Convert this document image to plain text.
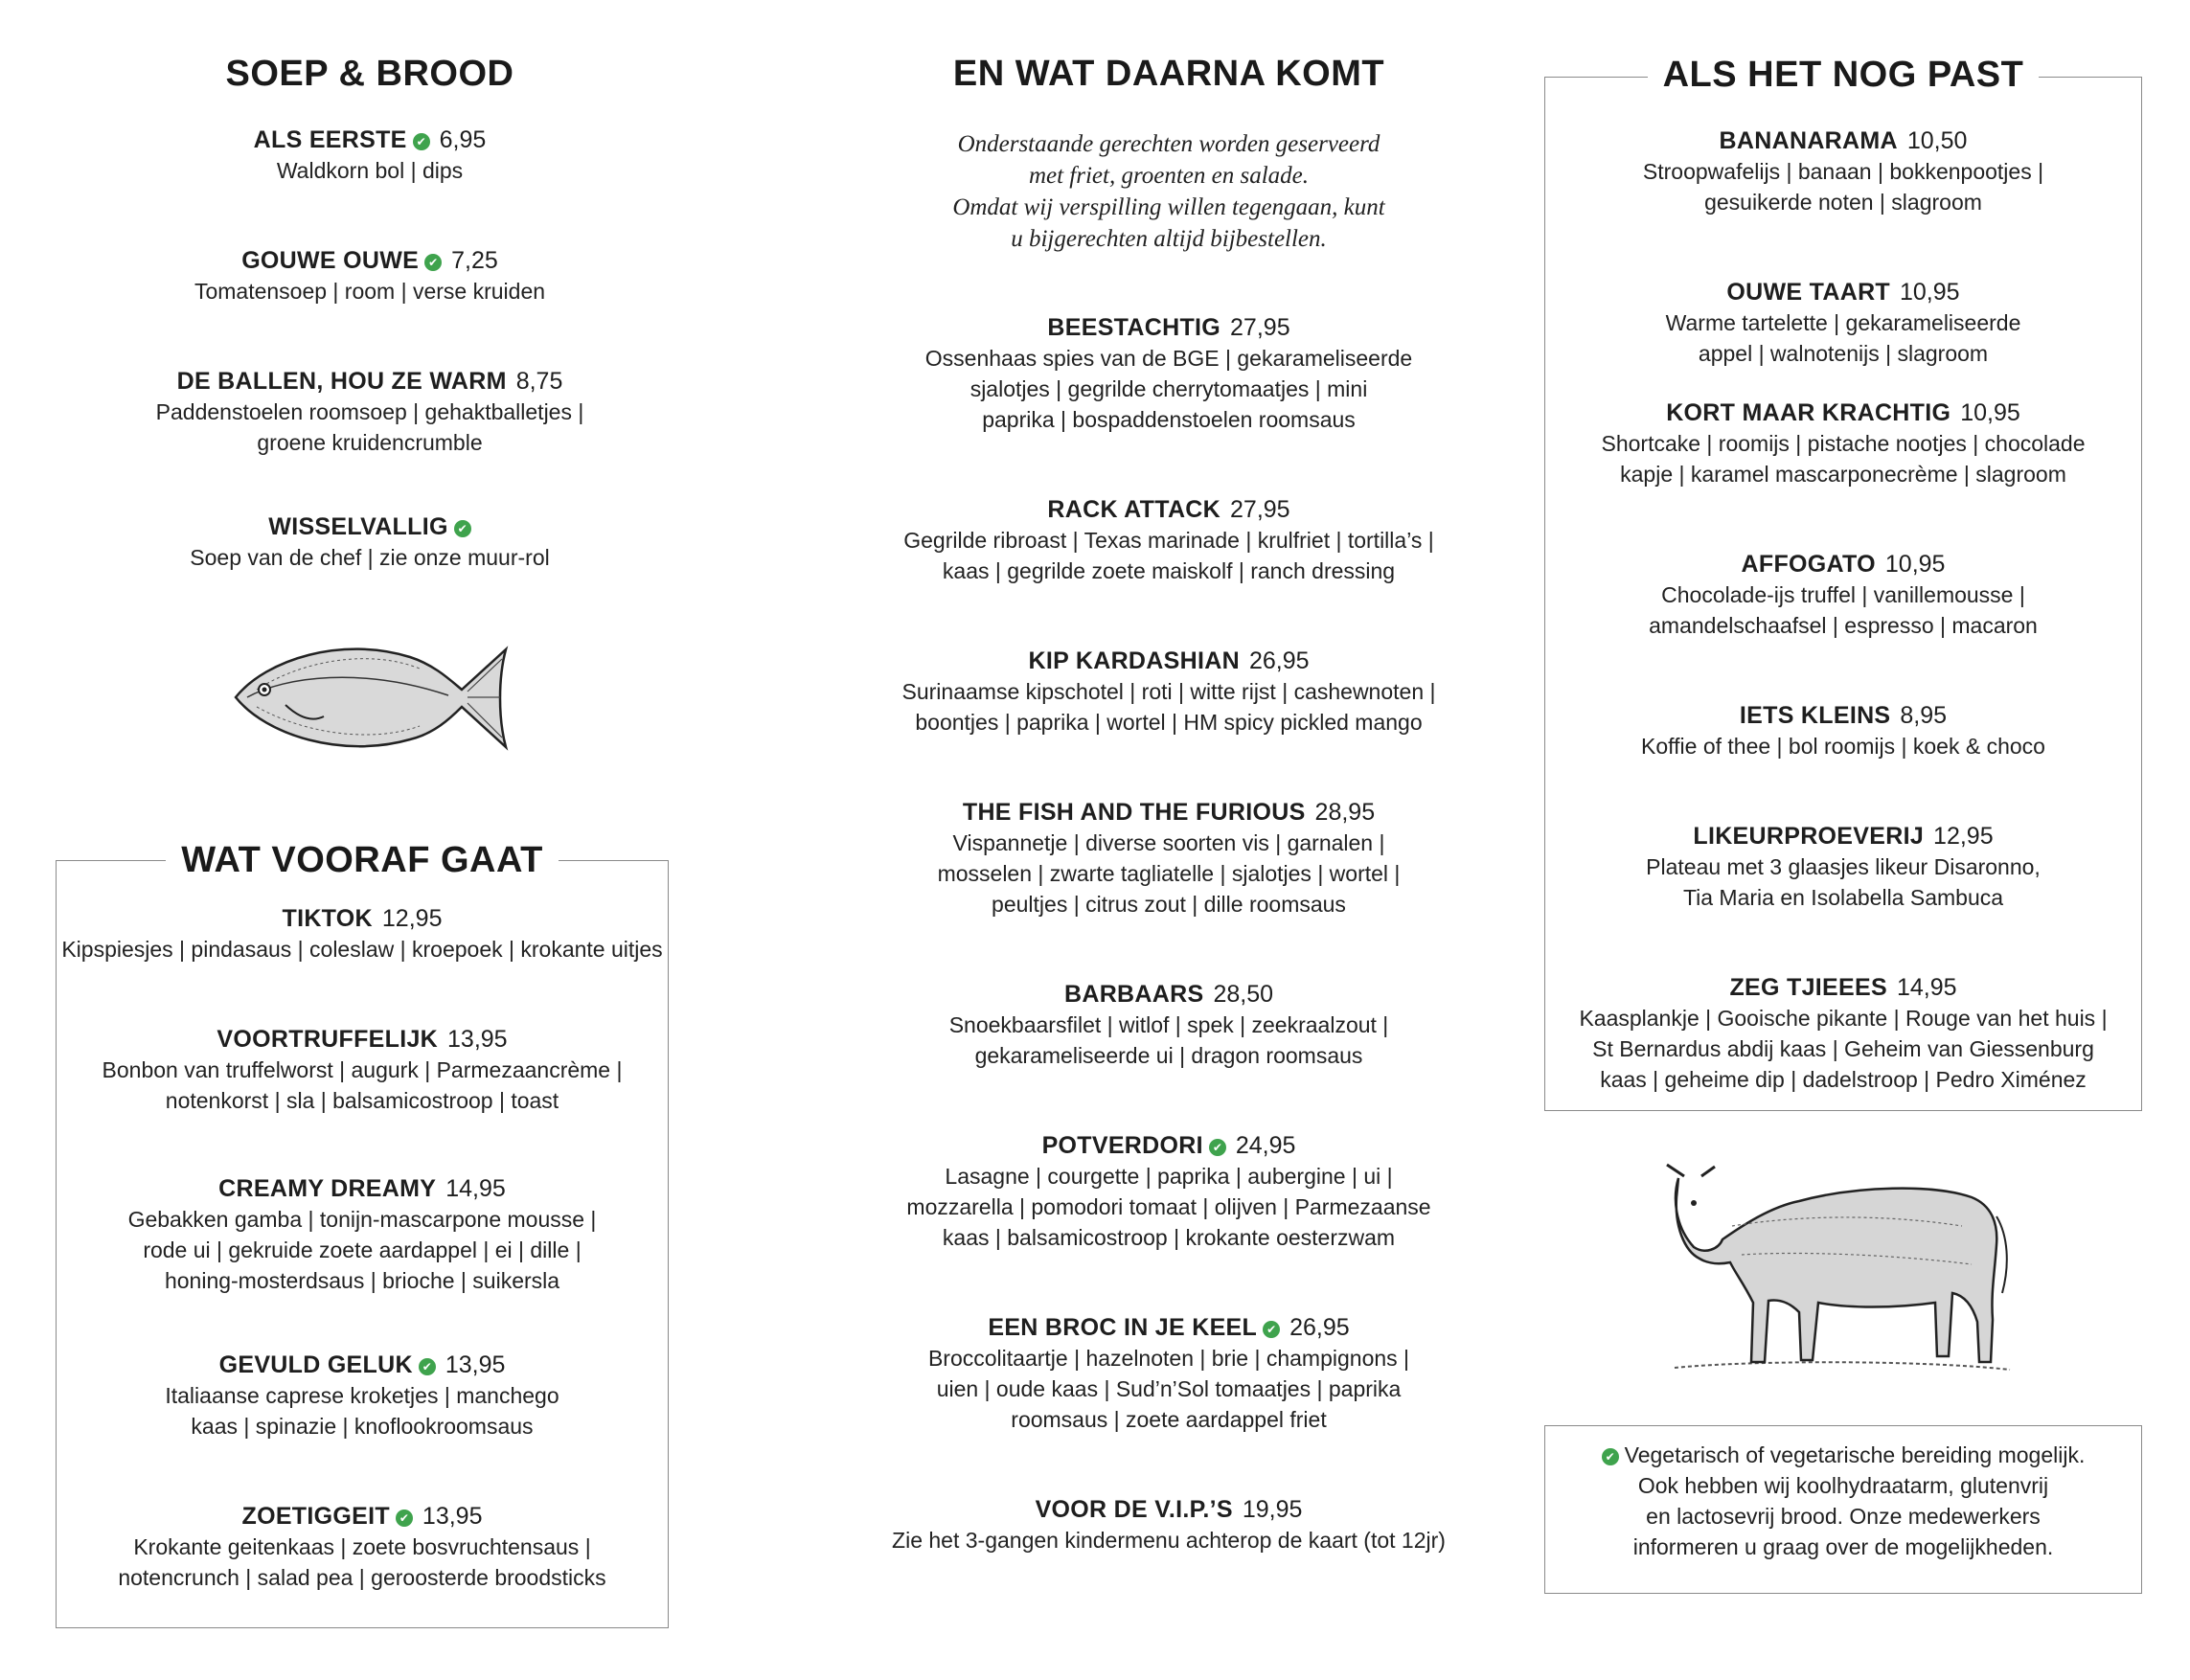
SOEP & BROOD
ALS EERSTE ✔ 6,95
Waldkorn bol | dips
GOUWE OUWE ✔ 7,25
Tomatensoep | room | verse kruiden
DE BALLEN, HOU ZE WARM 8,75
Paddenstoelen roomsoep | gehaktballetjes |
groene kruidencrumble
WISSELVALLIG ✔
Soep van de chef | zie onze muur-rol
WAT VOORAF GAAT
TIKTOK 12,95
Kipspiesjes | pindasaus | coleslaw | kroepoek | krokante uitjes
VOORTRUFFELIJK 13,95
Bonbon van truffelworst | augurk | Parmezaancrème |
notenkorst | sla | balsamicostroop | toast
CREAMY DREAMY 14,95
Gebakken gamba | tonijn-mascarpone mousse |
rode ui | gekruide zoete aardappel | ei | dille |
honing-mosterdsaus | brioche | suikersla
GEVULD GELUK ✔ 13,95
Italiaanse caprese kroketjes | manchego
kaas | spinazie | knoflookroomsaus
ZOETIGGEIT ✔ 13,95
Krokante geitenkaas | zoete bosvruchtensaus |
notencrunch | salad pea | geroosterde broodsticks
EN WAT DAARNA KOMT
Onderstaande gerechten worden geserveerd
met friet, groenten en salade.
Omdat wij verspilling willen tegengaan, kunt
u bijgerechten altijd bijbestellen.
BEESTACHTIG 27,95
Ossenhaas spies van de BGE | gekarameliseerde
sjalotjes | gegrilde cherrytomaatjes | mini
paprika | bospaddenstoelen roomsaus
RACK ATTACK 27,95
Gegrilde ribroast | Texas marinade | krulfriet | tortilla’s |
kaas | gegrilde zoete maiskolf | ranch dressing
KIP KARDASHIAN 26,95
Surinaamse kipschotel | roti | witte rijst | cashewnoten |
boontjes | paprika | wortel | HM spicy pickled mango
THE FISH AND THE FURIOUS 28,95
Vispannetje | diverse soorten vis | garnalen |
mosselen | zwarte tagliatelle | sjalotjes | wortel |
peultjes | citrus zout | dille roomsaus
BARBAARS 28,50
Snoekbaarsfilet | witlof | spek | zeekraalzout |
gekarameliseerde ui | dragon roomsaus
POTVERDORI ✔ 24,95
Lasagne | courgette | paprika | aubergine | ui |
mozzarella | pomodori tomaat | olijven | Parmezaanse
kaas | balsamicostroop | krokante oesterzwam
EEN BROC IN JE KEEL ✔ 26,95
Broccolitaartje | hazelnoten | brie | champignons |
uien | oude kaas | Sud’n’Sol tomaatjes | paprika
roomsaus | zoete aardappel friet
VOOR DE V.I.P.’S 19,95
Zie het 3-gangen kindermenu achterop de kaart (tot 12jr)
ALS HET NOG PAST
BANANARAMA 10,50
Stroopwafelijs | banaan | bokkenpootjes |
gesuikerde noten | slagroom
OUWE TAART 10,95
Warme tartelette | gekarameliseerde
appel | walnotenijs | slagroom
KORT MAAR KRACHTIG 10,95
Shortcake | roomijs | pistache nootjes | chocolade
kapje | karamel mascarponecrème | slagroom
AFFOGATO 10,95
Chocolade-ijs truffel | vanillemousse |
amandelschaafsel | espresso | macaron
IETS KLEINS 8,95
Koffie of thee | bol roomijs | koek & choco
LIKEURPROEVERIJ 12,95
Plateau met 3 glaasjes likeur Disaronno,
Tia Maria en Isolabella Sambuca
ZEG TJIEEES 14,95
Kaasplankje | Gooische pikante | Rouge van het huis |
St Bernardus abdij kaas | Geheim van Giessenburg
kaas | geheime dip | dadelstroop | Pedro Ximénez
✔ Vegetarisch of vegetarische bereiding mogelijk.
Ook hebben wij koolhydraatarm, glutenvrij
en lactosevrij brood. Onze medewerkers
informeren u graag over de mogelijkheden.
